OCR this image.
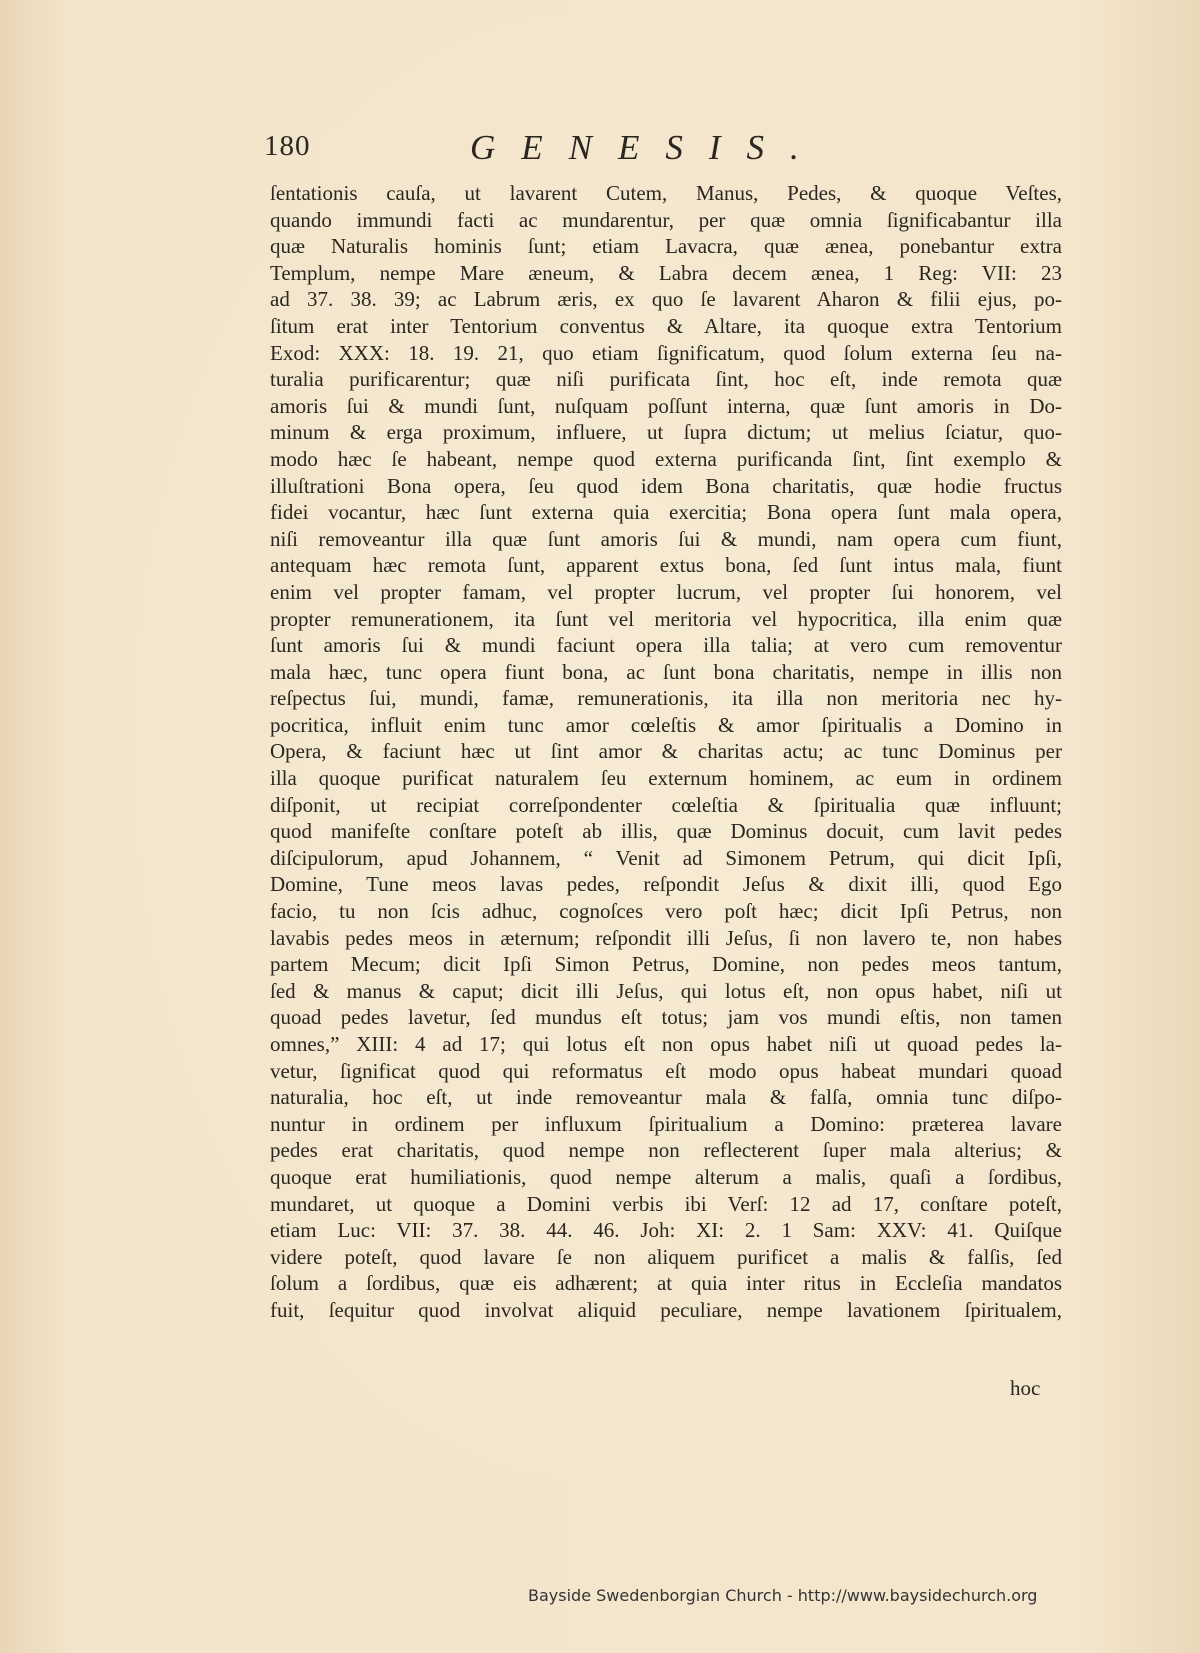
180	GENESIS.
ſentationis cauſa, ut lavarent Cutem, Manus, Pedes, & quoque Veſtes,
quando immundi facti ac mundarentur, per quæ omnia ſignificabantur illa
quæ Naturalis hominis ſunt; etiam Lavacra, quæ ænea, ponebantur extra
Templum, nempe Mare æneum, & Labra decem ænea, 1 Reg: VII: 23
ad 37. 38. 39; ac Labrum æris, ex quo ſe lavarent Aharon & filii ejus, po-
ſitum erat inter Tentorium conventus & Altare, ita quoque extra Tentorium
Exod: XXX: 18. 19. 21, quo etiam ſignificatum, quod ſolum externa ſeu na-
turalia purificarentur; quæ niſi purificata ſint, hoc eſt, inde remota quæ
amoris ſui & mundi ſunt, nuſquam poſſunt interna, quæ ſunt amoris in Do-
minum & erga proximum, influere, ut ſupra dictum; ut melius ſciatur, quo-
modo hæc ſe habeant, nempe quod externa purificanda ſint, ſint exemplo &
illuſtrationi Bona opera, ſeu quod idem Bona charitatis, quæ hodie fructus
fidei vocantur, hæc ſunt externa quia exercitia; Bona opera ſunt mala opera,
niſi removeantur illa quæ ſunt amoris ſui & mundi, nam opera cum fiunt,
antequam hæc remota ſunt, apparent extus bona, ſed ſunt intus mala, fiunt
enim vel propter famam, vel propter lucrum, vel propter ſui honorem, vel
propter remunerationem, ita ſunt vel meritoria vel hypocritica, illa enim quæ
ſunt amoris ſui & mundi faciunt opera illa talia; at vero cum removentur
mala hæc, tunc opera fiunt bona, ac ſunt bona charitatis, nempe in illis non
reſpectus ſui, mundi, famæ, remunerationis, ita illa non meritoria nec hy-
pocritica, influit enim tunc amor cœleſtis & amor ſpiritualis a Domino in
Opera, & faciunt hæc ut ſint amor & charitas actu; ac tunc Dominus per
illa quoque purificat naturalem ſeu externum hominem, ac eum in ordinem
diſponit, ut recipiat correſpondenter cœleſtia & ſpiritualia quæ influunt;
quod manifeſte conſtare poteſt ab illis, quæ Dominus docuit, cum lavit pedes
diſcipulorum, apud Johannem, “ Venit ad Simonem Petrum, qui dicit Ipſi,
Domine, Tune meos lavas pedes, reſpondit Jeſus & dixit illi, quod Ego
facio, tu non ſcis adhuc, cognoſces vero poſt hæc; dicit Ipſi Petrus, non
lavabis pedes meos in æternum; reſpondit illi Jeſus, ſi non lavero te, non habes
partem Mecum; dicit Ipſi Simon Petrus, Domine, non pedes meos tantum,
ſed & manus & caput; dicit illi Jeſus, qui lotus eſt, non opus habet, niſi ut
quoad pedes lavetur, ſed mundus eſt totus; jam vos mundi eſtis, non tamen
omnes,” XIII: 4 ad 17; qui lotus eſt non opus habet niſi ut quoad pedes la-
vetur, ſignificat quod qui reformatus eſt modo opus habeat mundari quoad
naturalia, hoc eſt, ut inde removeantur mala & falſa, omnia tunc diſpo-
nuntur in ordinem per influxum ſpiritualium a Domino: præterea lavare
pedes erat charitatis, quod nempe non reflecterent ſuper mala alterius; &
quoque erat humiliationis, quod nempe alterum a malis, quaſi a ſordibus,
mundaret, ut quoque a Domini verbis ibi Verſ: 12 ad 17, conſtare poteſt,
etiam Luc: VII: 37. 38. 44. 46. Joh: XI: 2. 1 Sam: XXV: 41. Quiſque
videre poteſt, quod lavare ſe non aliquem purificet a malis & falſis, ſed
ſolum a ſordibus, quæ eis adhærent; at quia inter ritus in Eccleſia mandatos
fuit, ſequitur quod involvat aliquid peculiare, nempe lavationem ſpiritualem,
hoc
Bayside Swedenborgian Church - http://www.baysidechurch.org
